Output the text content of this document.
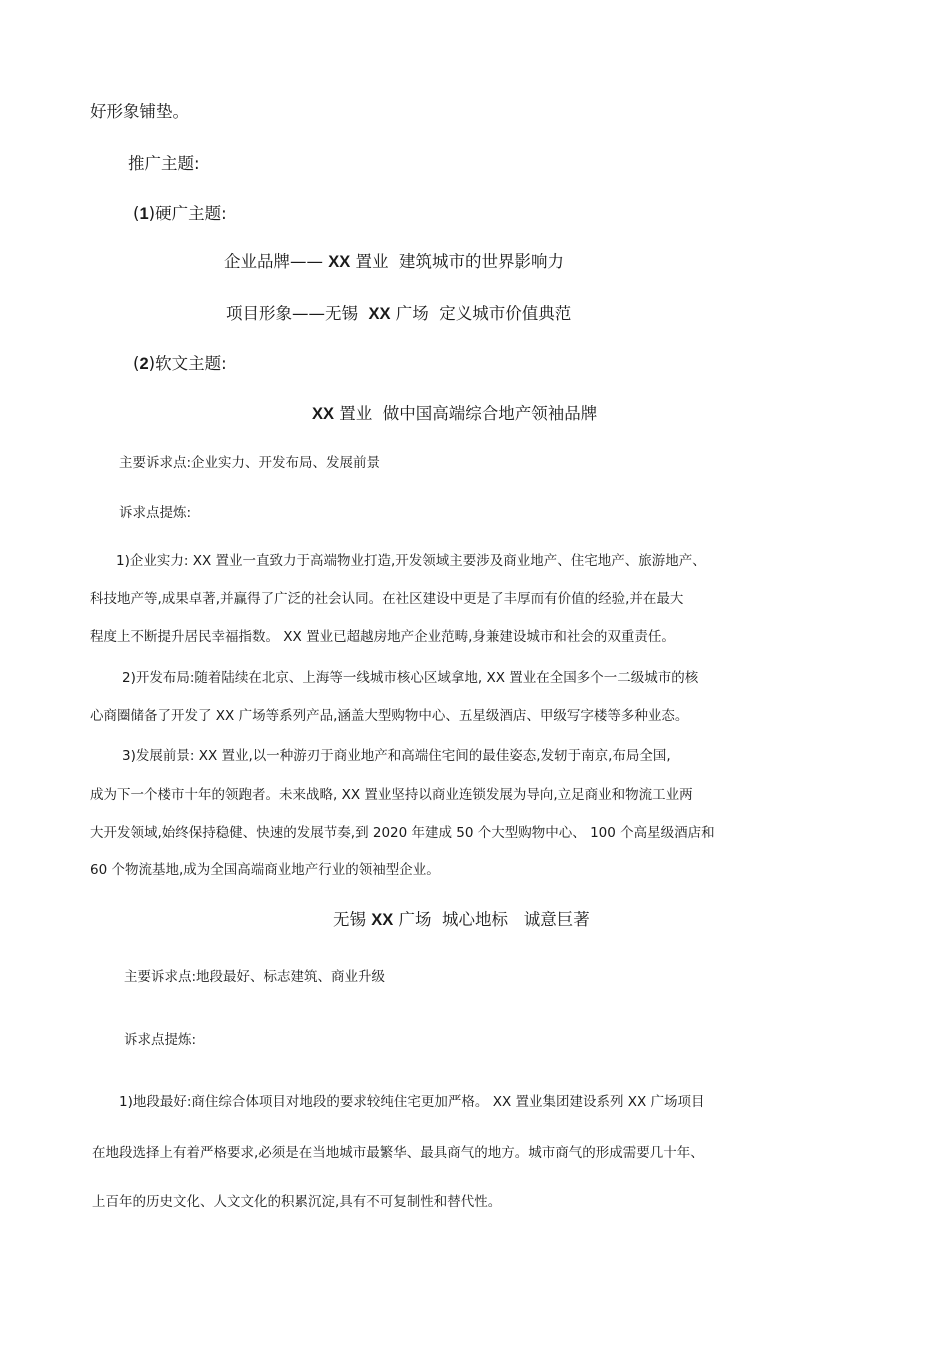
好形象铺垫。
推广主题:
(1)硬广主题:
企业品牌—— XX 置业 建筑城市的世界影响力
项目形象——无锡 XX 广场 定义城市价值典范
(2)软文主题:
XX 置业 做中国高端综合地产领袖品牌
主要诉求点:企业实力、开发布局、发展前景
诉求点提炼:
1)企业实力: XX 置业一直致力于高端物业打造,开发领域主要涉及商业地产、住宅地产、旅游地产、
科技地产等,成果卓著,并赢得了广泛的社会认同。在社区建设中更是了丰厚而有价值的经验,并在最大
程度上不断提升居民幸福指数。 XX 置业已超越房地产企业范畴,身兼建设城市和社会的双重责任。
2)开发布局:随着陆续在北京、上海等一线城市核心区域拿地, XX 置业在全国多个一二级城市的核
心商圈储备了开发了 XX 广场等系列产品,涵盖大型购物中心、五星级酒店、甲级写字楼等多种业态。
3)发展前景: XX 置业,以一种游刃于商业地产和高端住宅间的最佳姿态,发轫于南京,布局全国,
成为下一个楼市十年的领跑者。未来战略, XX 置业坚持以商业连锁发展为导向,立足商业和物流工业两
大开发领域,始终保持稳健、快速的发展节奏,到 2020 年建成 50 个大型购物中心、 100 个高星级酒店和
60 个物流基地,成为全国高端商业地产行业的领袖型企业。
无锡 XX 广场 城心地标 诚意巨著
主要诉求点:地段最好、标志建筑、商业升级
诉求点提炼:
1)地段最好:商住综合体项目对地段的要求较纯住宅更加严格。 XX 置业集团建设系列 XX 广场项目
在地段选择上有着严格要求,必须是在当地城市最繁华、最具商气的地方。城市商气的形成需要几十年、
上百年的历史文化、人文文化的积累沉淀,具有不可复制性和替代性。
